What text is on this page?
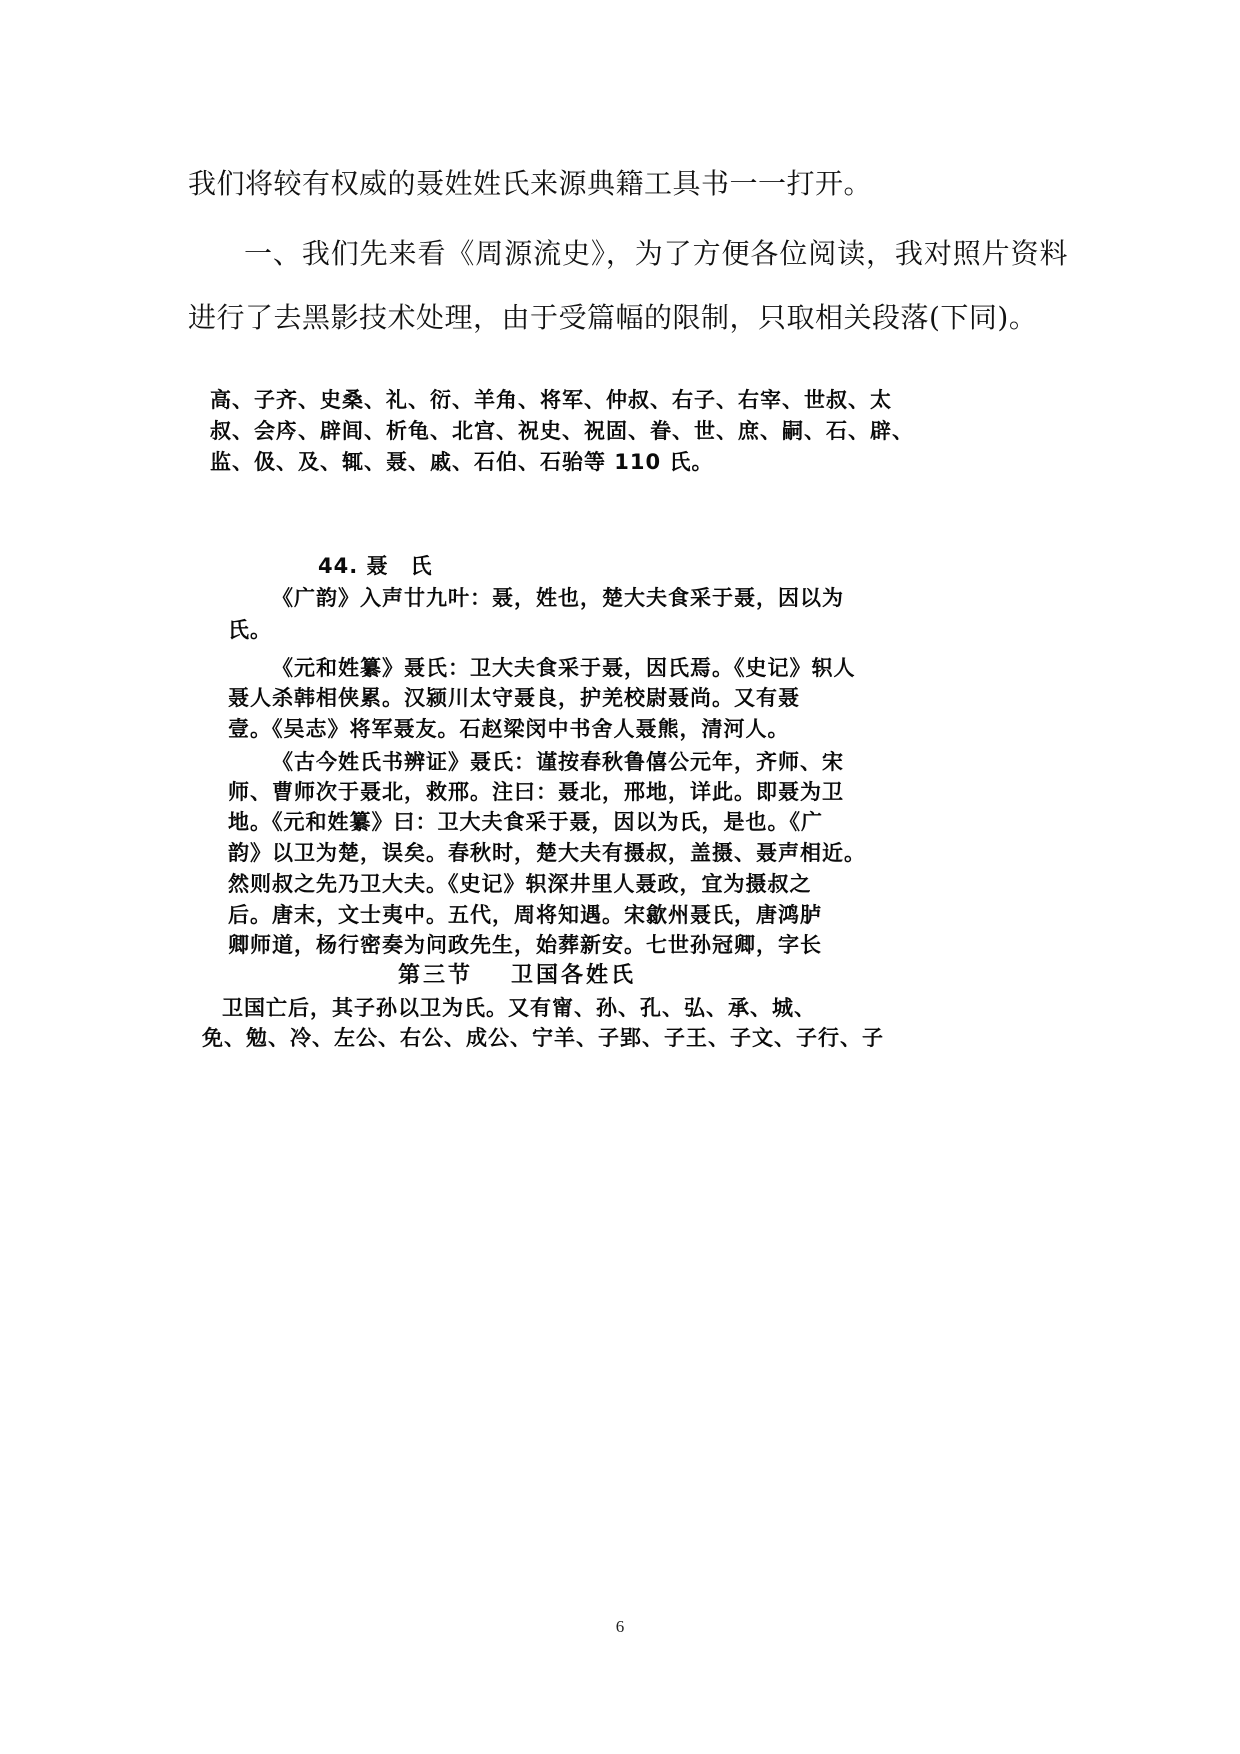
我们将较有权威的聂姓姓氏来源典籍工具书一一打开。

一、我们先来看《周源流史》，为了方便各位阅读，我对照片资料进行了去黑影技术处理，由于受篇幅的限制，只取相关段落(下同)。

高、子齐、史桑、礼、衍、羊角、将军、仲叔、右子、右宰、世叔、太

叔、会庈、辟闾、析龟、北宫、祝史、祝固、眷、世、庶、嗣、石、辟、

监、伋、及、辄、聂、戚、石伯、石骀等 110 氏。

44. 聂　氏

《广韵》入声廿九叶：聂，姓也，楚大夫食采于聂，因以为

氏。

《元和姓纂》聂氏：卫大夫食采于聂，因氏焉。《史记》轵人

聂人杀韩相侠累。汉颍川太守聂良，护羌校尉聂尚。又有聂

壹。《吴志》将军聂友。石赵梁闵中书舍人聂熊，清河人。

《古今姓氏书辨证》聂氏：谨按春秋鲁僖公元年，齐师、宋

师、曹师次于聂北，救邢。注曰：聂北，邢地，详此。即聂为卫

地。《元和姓纂》曰：卫大夫食采于聂，因以为氏，是也。《广

韵》以卫为楚，误矣。春秋时，楚大夫有摄叔，盖摄、聂声相近。

然则叔之先乃卫大夫。《史记》轵深井里人聂政，宜为摄叔之

后。唐末，文士夷中。五代，周将知遇。宋歙州聂氏，唐鸿胪

卿师道，杨行密奏为问政先生，始葬新安。七世孙冠卿，字长

第三节 卫国各姓氏

卫国亡后，其子孙以卫为氏。又有甯、孙、孔、弘、承、城、

免、勉、冷、左公、右公、成公、宁羊、子郢、子王、子文、子行、子

6
